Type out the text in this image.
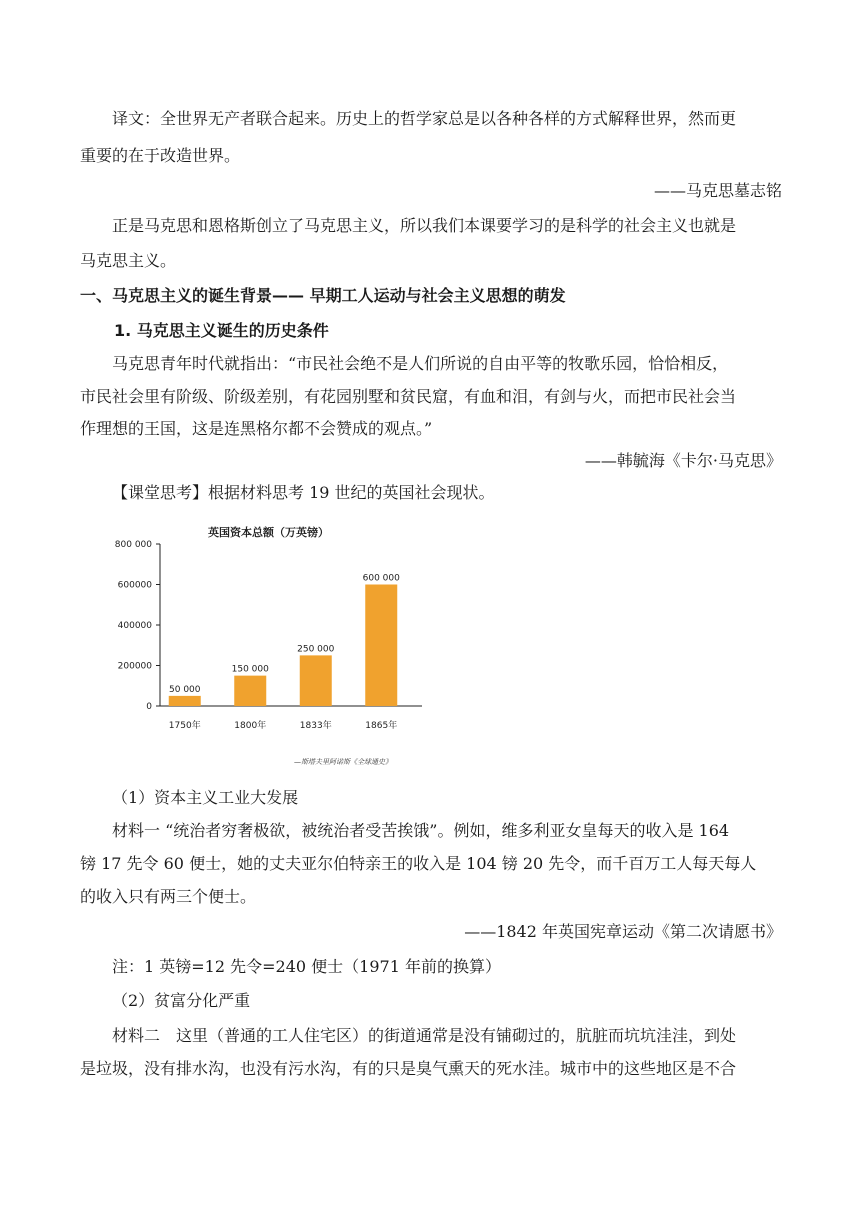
译文：全世界无产者联合起来。历史上的哲学家总是以各种各样的方式解释世界，然而更
重要的在于改造世界。
——马克思墓志铭
正是马克思和恩格斯创立了马克思主义，所以我们本课要学习的是科学的社会主义也就是
马克思主义。
一、马克思主义的诞生背景—— 早期工人运动与社会主义思想的萌发
1. 马克思主义诞生的历史条件
马克思青年时代就指出：“市民社会绝不是人们所说的自由平等的牧歌乐园，恰恰相反，
市民社会里有阶级、阶级差别，有花园别墅和贫民窟，有血和泪，有剑与火，而把市民社会当
作理想的王国，这是连黑格尔都不会赞成的观点。”
——韩毓海《卡尔·马克思》
【课堂思考】根据材料思考 19 世纪的英国社会现状。
英国资本总额（万英镑）
0
200000
400000
600000
800 000
50 000
1750年
150 000
1800年
250 000
1833年
600 000
1865年
—斯塔夫里阿诺斯《全球通史》
（1）资本主义工业大发展
材料一 “统治者穷奢极欲，被统治者受苦挨饿”。例如，维多利亚女皇每天的收入是 164
镑 17 先令 60 便士，她的丈夫亚尔伯特亲王的收入是 104 镑 20 先令，而千百万工人每天每人
的收入只有两三个便士。
——1842 年英国宪章运动《第二次请愿书》
注：1 英镑=12 先令=240 便士（1971 年前的换算）
（2）贫富分化严重
材料二　这里（普通的工人住宅区）的街道通常是没有铺砌过的，肮脏而坑坑洼洼，到处
是垃圾，没有排水沟，也没有污水沟，有的只是臭气熏天的死水洼。城市中的这些地区是不合
